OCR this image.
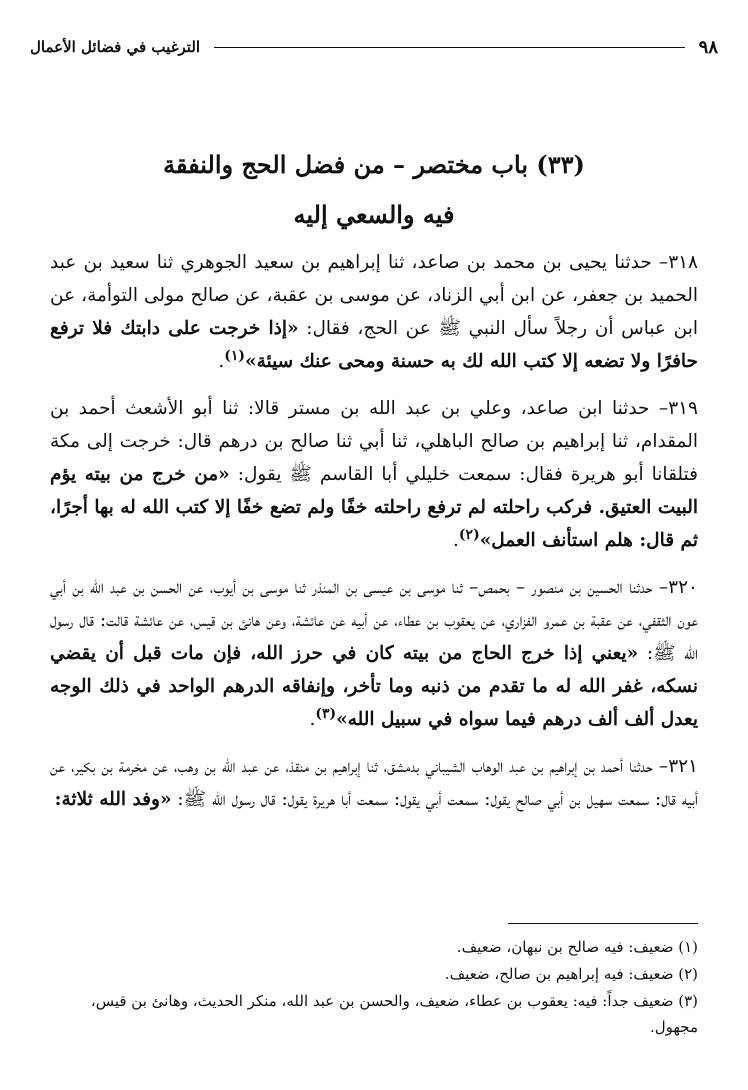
٩٨
الترغيب في فضائل الأعمال
(٣٣) باب مختصر – من فضل الحج والنفقة
فيه والسعي إليه

٣١٨– حدثنا يحيى بن محمد بن صاعد، ثنا إبراهيم بن سعيد الجوهري ثنا سعيد بن عبد الحميد بن جعفر، عن ابن أبي الزناد، عن موسى بن عقبة، عن صالح مولى التوأمة، عن ابن عباس أن رجلاً سأل النبي ﷺ عن الحج، فقال: «إذا خرجت على دابتك فلا ترفع حافرًا ولا تضعه إلا كتب الله لك به حسنة ومحى عنك سيئة»$^{(١)}$.

٣١٩– حدثنا ابن صاعد، وعلي بن عبد الله بن مستر قالا: ثنا أبو الأشعث أحمد بن المقدام، ثنا إبراهيم بن صالح الباهلي، ثنا أبي ثنا صالح بن درهم قال: خرجت إلى مكة فتلقانا أبو هريرة فقال: سمعت خليلي أبا القاسم ﷺ يقول: «من خرج من بيته يؤم البيت العتيق. فركب راحلته لم ترفع راحلته خفًا ولم تضع خفًا إلا كتب الله له بها أجرًا، ثم قال: هلم استأنف العمل»$^{(٢)}$.

٣٢٠– حدثنا الحسين بن منصور – بحمص– ثنا موسى بن عيسى بن المنذر ثنا موسى بن أيوب، عن الحسن بن عبد الله بن أبي عون الثقفي، عن عقبة بن عمرو الفزاري، عن يعقوب بن عطاء، عن أبيه عن عائشة، وعن هانئ بن قيس، عن عائشة قالت: قال رسول الله ﷺ: «يعني إذا خرج الحاج من بيته كان في حرز الله، فإن مات قبل أن يقضي نسكه، غفر الله له ما تقدم من ذنبه وما تأخر، وإنفاقه الدرهم الواحد في ذلك الوجه يعدل ألف ألف درهم فيما سواه في سبيل الله»$^{(٣)}$.

٣٢١– حدثنا أحمد بن إبراهيم بن عبد الوهاب الشيباني بدمشق، ثنا إبراهيم بن منقذ، عن عبد الله بن وهب، عن مخرمة بن بكير، عن أبيه قال: سمعت سهيل بن أبي صالح يقول: سمعت أبي يقول: سمعت أبا هريرة يقول: قال رسول الله ﷺ: «وفد الله ثلاثة:

(١) ضعيف: فيه صالح بن نبهان، ضعيف.

(٢) ضعيف: فيه إبراهيم بن صالح، ضعيف.

(٣) ضعيف جداً: فيه: يعقوب بن عطاء، ضعيف، والحسن بن عبد الله، منكر الحديث، وهانئ بن قيس، مجهول.
